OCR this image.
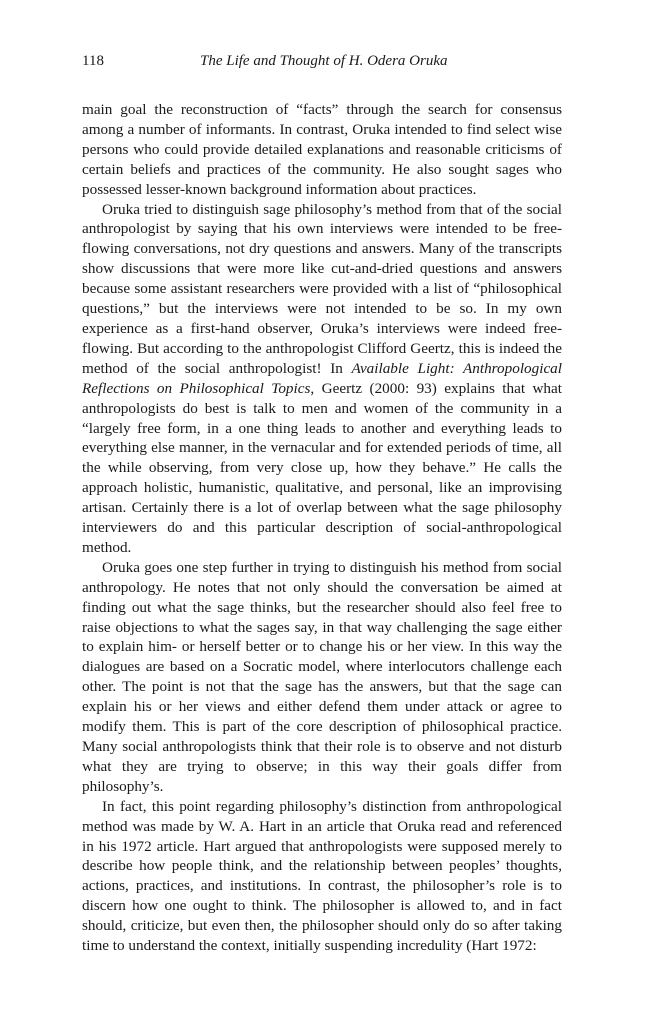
118	The Life and Thought of H. Odera Oruka

main goal the reconstruction of “facts” through the search for consensus among a number of informants. In contrast, Oruka intended to find select wise persons who could provide detailed explanations and reasonable criticisms of certain beliefs and practices of the community. He also sought sages who possessed lesser-known background information about practices.

Oruka tried to distinguish sage philosophy’s method from that of the social anthropologist by saying that his own interviews were intended to be free-flowing conversations, not dry questions and answers. Many of the transcripts show discussions that were more like cut-and-dried questions and answers because some assistant researchers were provided with a list of “philosophical questions,” but the interviews were not intended to be so. In my own experience as a first-hand observer, Oruka’s interviews were indeed free-flowing. But according to the anthropologist Clifford Geertz, this is indeed the method of the social anthropologist! In Available Light: Anthropological Reflections on Philosophical Topics, Geertz (2000: 93) explains that what anthropologists do best is talk to men and women of the community in a “largely free form, in a one thing leads to another and everything leads to everything else manner, in the vernacular and for extended periods of time, all the while observing, from very close up, how they behave.” He calls the approach holistic, humanistic, qualitative, and personal, like an improvising artisan. Certainly there is a lot of overlap between what the sage philosophy interviewers do and this particular description of social-anthropological method.

Oruka goes one step further in trying to distinguish his method from social anthropology. He notes that not only should the conversation be aimed at finding out what the sage thinks, but the researcher should also feel free to raise objections to what the sages say, in that way challenging the sage either to explain him- or herself better or to change his or her view. In this way the dialogues are based on a Socratic model, where interlocutors challenge each other. The point is not that the sage has the answers, but that the sage can explain his or her views and either defend them under attack or agree to modify them. This is part of the core description of philosophical practice. Many social anthropologists think that their role is to observe and not disturb what they are trying to observe; in this way their goals differ from philosophy’s.

In fact, this point regarding philosophy’s distinction from anthropological method was made by W. A. Hart in an article that Oruka read and referenced in his 1972 article. Hart argued that anthropologists were supposed merely to describe how people think, and the relationship between peoples’ thoughts, actions, practices, and institutions. In contrast, the philosopher’s role is to discern how one ought to think. The philosopher is allowed to, and in fact should, criticize, but even then, the philosopher should only do so after taking time to understand the context, initially suspending incredulity (Hart 1972:
